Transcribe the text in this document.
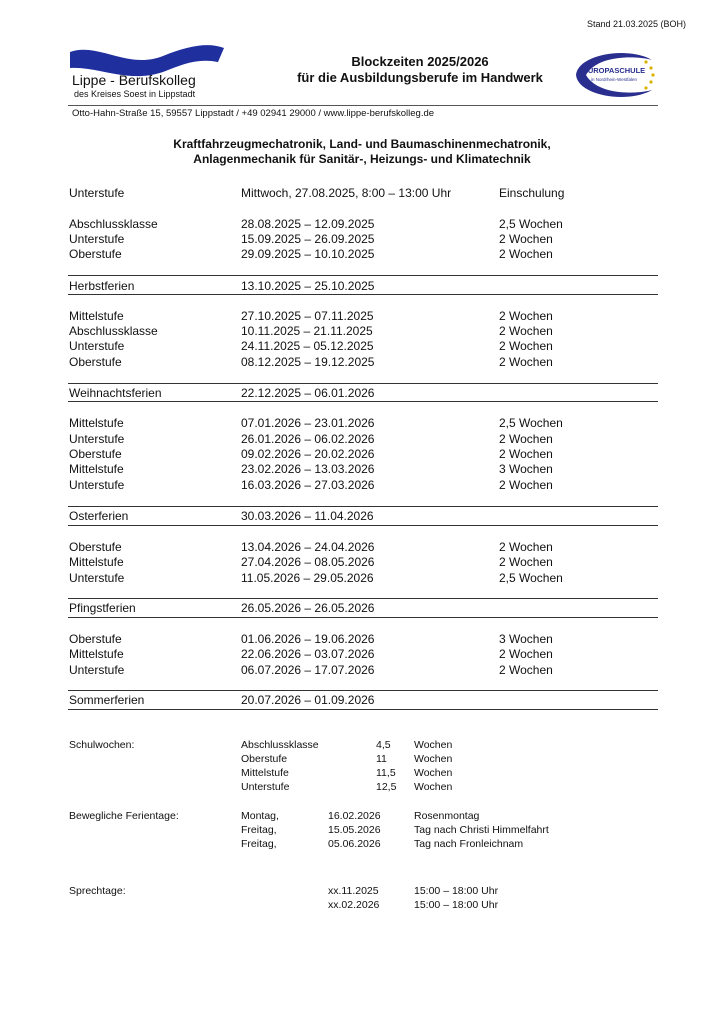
Stand 21.03.2025 (BOH)
Lippe - Berufskolleg
des Kreises Soest in Lippstadt
Blockzeiten 2025/2026
für die Ausbildungsberufe im Handwerk	EUROPASCHULE
in Nordrhein-Westfalen
Otto-Hahn-Straße 15, 59557 Lippstadt / +49 02941 29000 / www.lippe-berufskolleg.de
Kraftfahrzeugmechatronik, Land- und Baumaschinenmechatronik,
Anlagenmechanik für Sanitär-, Heizungs- und Klimatechnik
Unterstufe	Mittwoch, 27.08.2025, 8:00 – 13:00 Uhr	Einschulung
Abschlussklasse	28.08.2025 – 12.09.2025	2,5 Wochen
Unterstufe	15.09.2025 – 26.09.2025	2 Wochen
Oberstufe	29.09.2025 – 10.10.2025	2 Wochen
Herbstferien	13.10.2025 – 25.10.2025
Mittelstufe	27.10.2025 – 07.11.2025	2 Wochen
Abschlussklasse	10.11.2025 – 21.11.2025	2 Wochen
Unterstufe	24.11.2025 – 05.12.2025	2 Wochen
Oberstufe	08.12.2025 – 19.12.2025	2 Wochen
Weihnachtsferien	22.12.2025 – 06.01.2026
Mittelstufe	07.01.2026 – 23.01.2026	2,5 Wochen
Unterstufe	26.01.2026 – 06.02.2026	2 Wochen
Oberstufe	09.02.2026 – 20.02.2026	2 Wochen
Mittelstufe	23.02.2026 – 13.03.2026	3 Wochen
Unterstufe	16.03.2026 – 27.03.2026	2 Wochen
Osterferien	30.03.2026 – 11.04.2026
Oberstufe	13.04.2026 – 24.04.2026	2 Wochen
Mittelstufe	27.04.2026 – 08.05.2026	2 Wochen
Unterstufe	11.05.2026 – 29.05.2026	2,5 Wochen
Pfingstferien	26.05.2026 – 26.05.2026
Oberstufe	01.06.2026 – 19.06.2026	3 Wochen
Mittelstufe	22.06.2026 – 03.07.2026	2 Wochen
Unterstufe	06.07.2026 – 17.07.2026	2 Wochen
Sommerferien	20.07.2026 – 01.09.2026
Schulwochen:	Abschlussklasse	4,5 Wochen
Oberstufe	11	Wochen
Mittelstufe	11,5 Wochen
Unterstufe	12,5 Wochen
Bewegliche Ferientage:	Montag,	16.02.2026	Rosenmontag
Freitag,	15.05.2026	Tag nach Christi Himmelfahrt
Freitag,	05.06.2026	Tag nach Fronleichnam
Sprechtage:	xx.11.2025	15:00 – 18:00 Uhr
xx.02.2026	15:00 – 18:00 Uhr
